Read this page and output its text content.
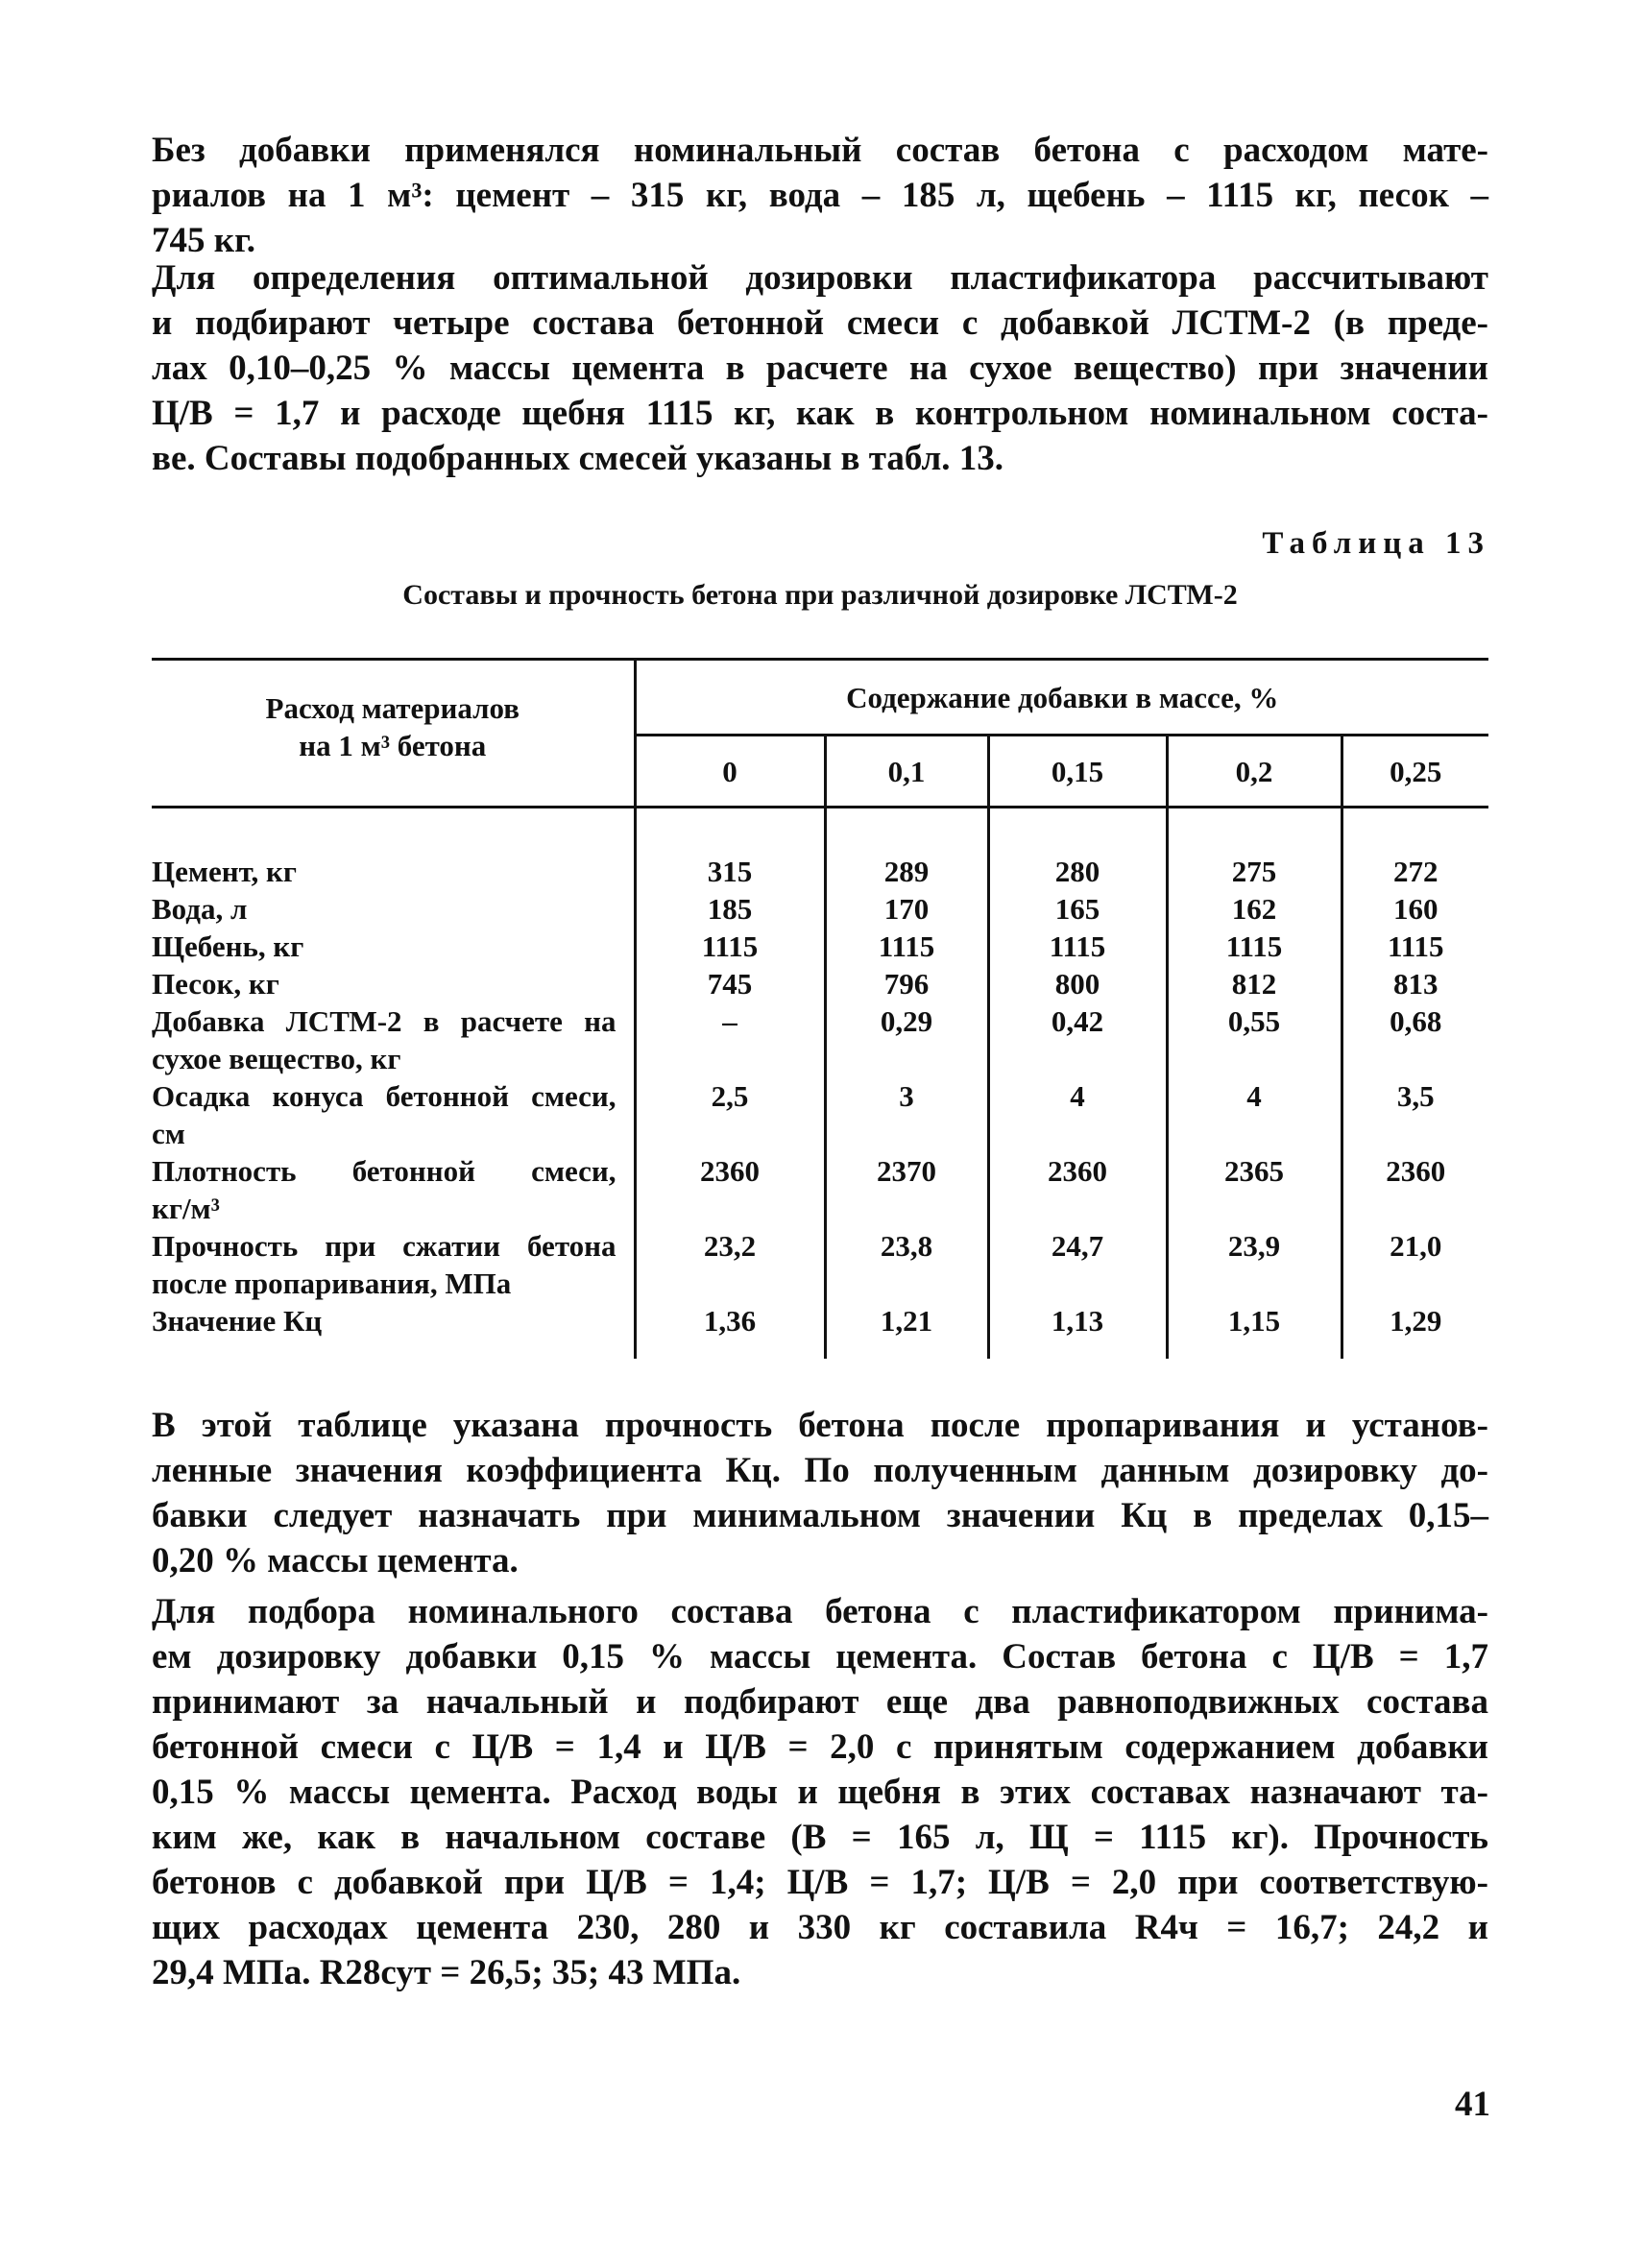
Без добавки применялся номинальный состав бетона с расходом мате-
риалов на 1 м³: цемент – 315 кг, вода – 185 л, щебень – 1115 кг, песок –
745 кг.
Для определения оптимальной дозировки пластификатора рассчитывают
и подбирают четыре состава бетонной смеси с добавкой ЛСТМ-2 (в преде-
лах 0,10–0,25 % массы цемента в расчете на сухое вещество) при значении
Ц/В = 1,7 и расходе щебня 1115 кг, как в контрольном номинальном соста-
ве. Составы подобранных смесей указаны в табл. 13.

Таблица 13

Составы и прочность бетона при различной дозировке ЛСТМ-2

Расход материалов
на 1 м³ бетона	Содержание добавки в массе, %				
	0	0,1	0,15	0,2	0,25
Цемент, кг	315	289	280	275	272
Вода, л	185	170	165	162	160
Щебень, кг	1115	1115	1115	1115	1115
Песок, кг	745	796	800	812	813

Добавка ЛСТМ-2 в расчете на
сухое вещество, кг	–	0,29	0,42	0,55	0,68

Осадка конуса бетонной смеси,
см	2,5	3	4	4	3,5

Плотность бетонной смеси,
кг/м³	2360	2370	2360	2365	2360

Прочность при сжатии бетона
после пропаривания, МПа	23,2	23,8	24,7	23,9	21,0
Значение Кц	1,36	1,21	1,13	1,15	1,29
В этой таблице указана прочность бетона после пропаривания и установ-
ленные значения коэффициента Кц. По полученным данным дозировку до-
бавки следует назначать при минимальном значении Кц в пределах 0,15–
0,20 % массы цемента.
Для подбора номинального состава бетона с пластификатором принима-
ем дозировку добавки 0,15 % массы цемента. Состав бетона с Ц/В = 1,7
принимают за начальный и подбирают еще два равноподвижных состава
бетонной смеси с Ц/В = 1,4 и Ц/В = 2,0 с принятым содержанием добавки
0,15 % массы цемента. Расход воды и щебня в этих составах назначают та-
ким же, как в начальном составе (В = 165 л, Щ = 1115 кг). Прочность
бетонов с добавкой при Ц/В = 1,4; Ц/В = 1,7; Ц/В = 2,0 при соответствую-
щих расходах цемента 230, 280 и 330 кг составила R4ч = 16,7; 24,2 и
29,4 МПа. R28сут = 26,5; 35; 43 МПа.

41
